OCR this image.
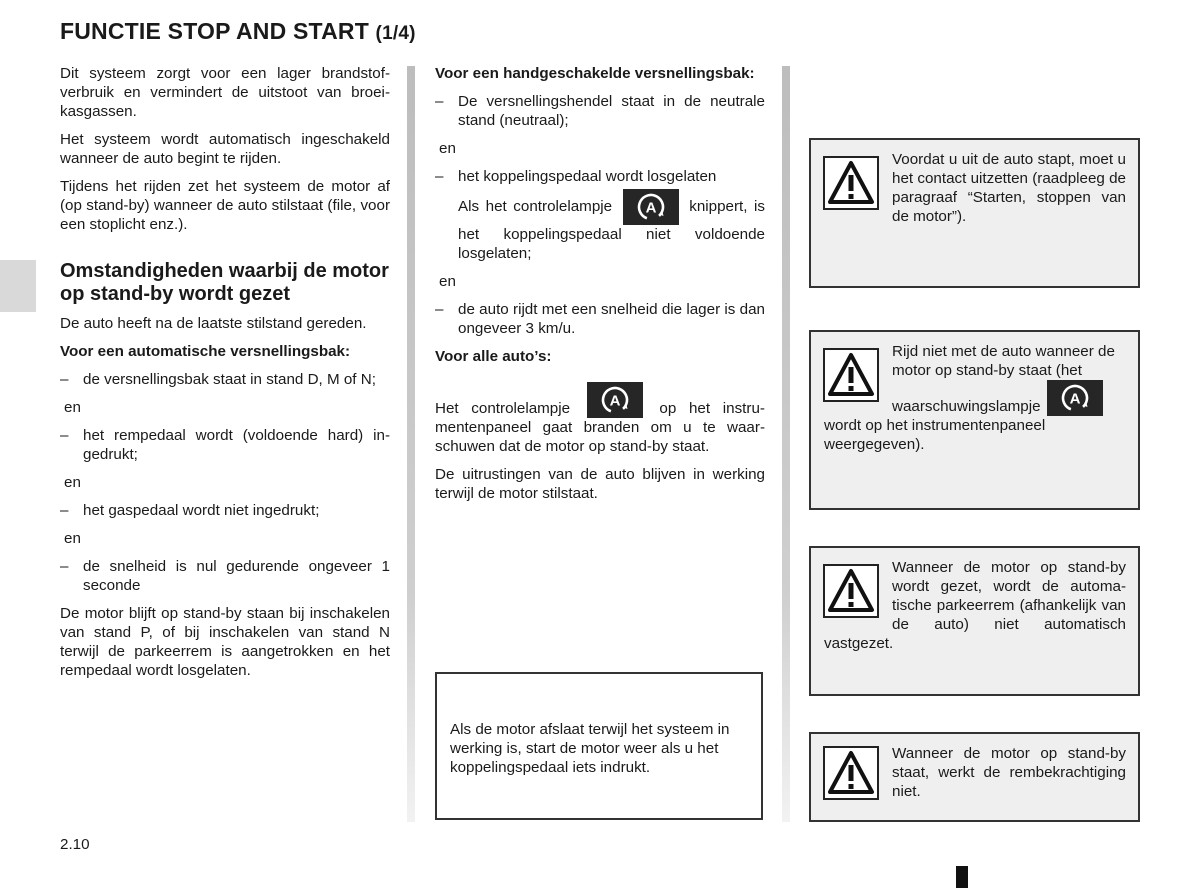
FUNCTIE STOP AND START (1/4)

Dit systeem zorgt voor een lager brandstofverbruik en vermindert de uitstoot van broeikasgassen.

Het systeem wordt automatisch ingeschakeld wanneer de auto begint te rijden.

Tijdens het rijden zet het systeem de motor af (op stand-by) wanneer de auto stilstaat (file, voor een stoplicht enz.).

Omstandigheden waarbij de motor op stand-by wordt gezet

De auto heeft na de laatste stilstand gereden.

Voor een automatische versnellingsbak:

– de versnellingsbak staat in stand D, M of N;
en
– het rempedaal wordt (voldoende hard) ingedrukt;
en
– het gaspedaal wordt niet ingedrukt;
en
– de snelheid is nul gedurende ongeveer 1 seconde

De motor blijft op stand-by staan bij inschakelen van stand P, of bij inschakelen van stand N terwijl de parkeerrem is aangetrokken en het rempedaal wordt losgelaten.

Voor een handgeschakelde versnellingsbak:

– De versnellingshendel staat in de neutrale stand (neutraal);
en
– het koppelingspedaal wordt losgelaten
Als het controlelampje A knippert, is het koppelingspedaal niet voldoende losgelaten;
en
– de auto rijdt met een snelheid die lager is dan ongeveer 3 km/u.

Voor alle auto’s:

Het controlelampje	A	op het instrumentenpaneel gaat branden om u te waarschuwen dat de motor op stand-by staat.

De uitrustingen van de auto blijven in werking terwijl de motor stilstaat.

Als de motor afslaat terwijl het systeem in werking is, start de motor weer als u het koppelingspedaal iets indrukt.
Voordat u uit de auto stapt, moet u het contact uitzetten (raadpleeg de paragraaf “Starten, stoppen van de motor”).
Rijd niet met de auto wanneer de motor op stand-by staat (het waarschuwingslampje A
wordt op het instrumentenpaneel weergegeven).
Wanneer de motor op stand-by wordt gezet, wordt de automatische parkeerrem (afhankelijk van de auto) niet automatisch vastgezet.
Wanneer de motor op stand-by staat, werkt de rembekrachtiging niet.
2.10
